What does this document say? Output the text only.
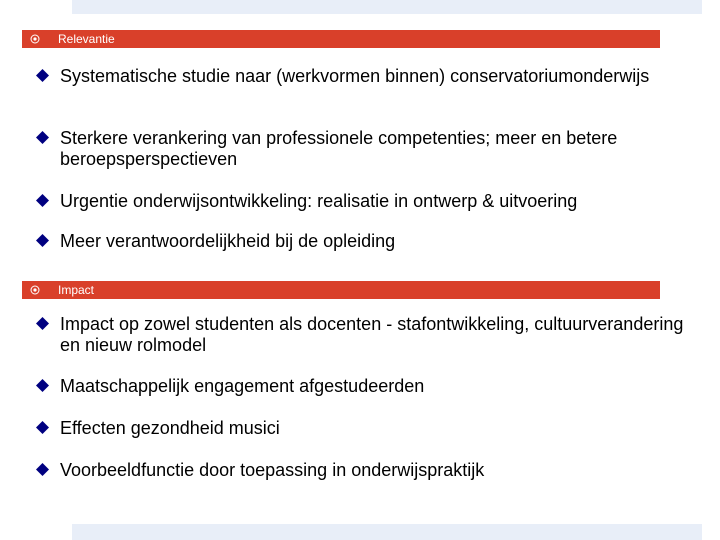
Relevantie
Systematische studie naar (werkvormen binnen) conservatoriumonderwijs
Sterkere verankering van professionele competenties; meer en betere beroepsperspectieven
Urgentie onderwijsontwikkeling: realisatie in ontwerp & uitvoering
Meer verantwoordelijkheid bij de opleiding
Impact
Impact op zowel studenten als docenten - stafontwikkeling, cultuurverandering en nieuw rolmodel
Maatschappelijk engagement afgestudeerden
Effecten gezondheid musici
Voorbeeldfunctie door toepassing in onderwijspraktijk
